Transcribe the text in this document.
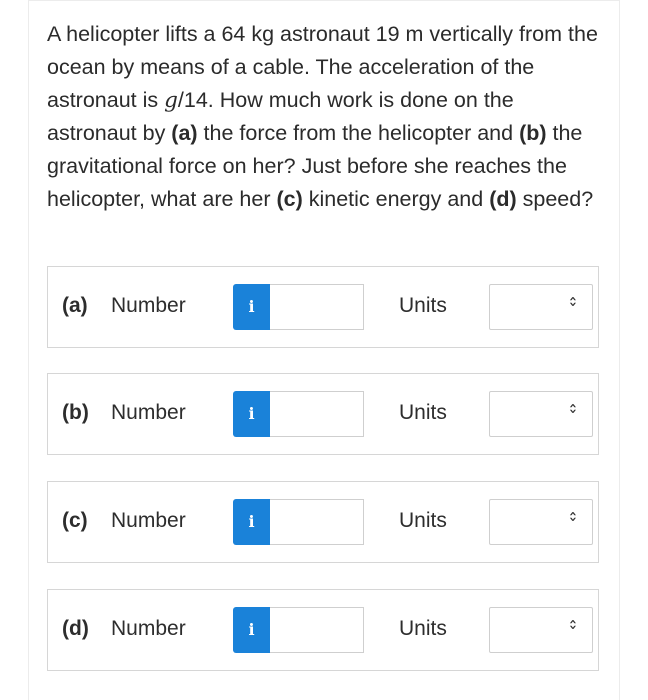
A helicopter lifts a 64 kg astronaut 19 m vertically from the ocean by means of a cable. The acceleration of the astronaut is g/14. How much work is done on the astronaut by (a) the force from the helicopter and (b) the gravitational force on her? Just before she reaches the helicopter, what are her (c) kinetic energy and (d) speed?
(a) Number	i	Units	‹›
(b) Number	i	Units	‹›
(c) Number	i	Units	‹›
(d) Number	i	Units	‹›
